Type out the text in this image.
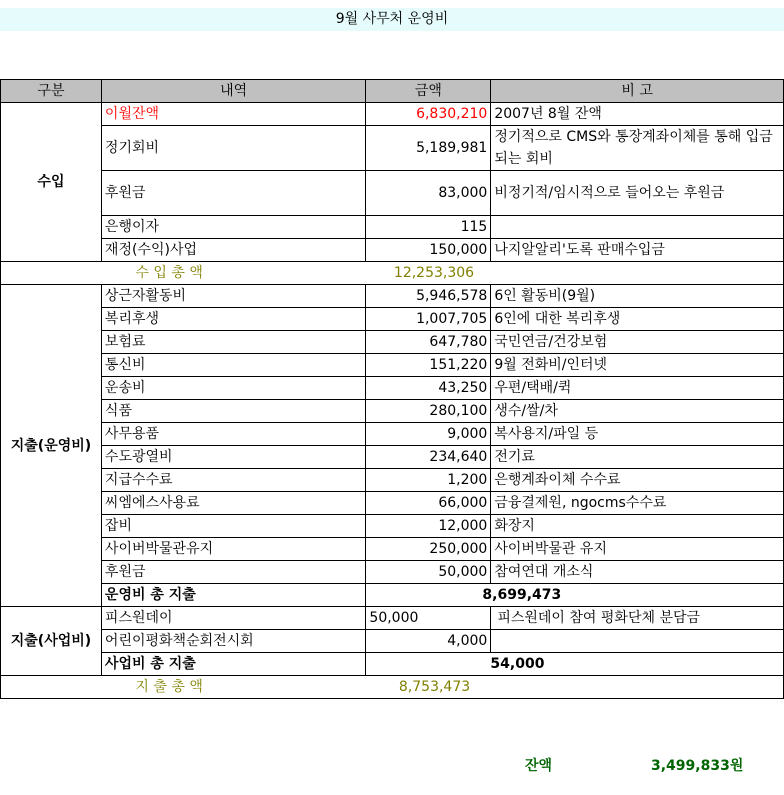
9월 사무처 운영비
구분	내역	금액	비 고
수입	이월잔액	6,830,210	2007년 8월 잔액
	정기회비	5,189,981	정기적으로 CMS와 통장계좌이체를 통해 입금되는 회비
	후원금	83,000	비정기적/임시적으로 들어오는 후원금
	은행이자	115	
	재정(수익)사업	150,000	나지알알리'도록 판매수입금
	수 입 총 액	12,253,306	
지출(운영비)	상근자활동비	5,946,578	6인 활동비(9월)
	복리후생	1,007,705	6인에 대한 복리후생
	보험료	647,780	국민연금/건강보험
	통신비	151,220	9월 전화비/인터넷
	운송비	43,250	우편/택배/퀵
	식품	280,100	생수/쌀/차
	사무용품	9,000	복사용지/파일 등
	수도광열비	234,640	전기료
	지급수수료	1,200	은행계좌이체 수수료
	씨엠에스사용료	66,000	금융결제원, ngocms수수료
	잡비	12,000	화장지
	사이버박물관유지	250,000	사이버박물관 유지
	후원금	50,000	참여연대 개소식
	운영비 총 지출	8,699,473	
지출(사업비)	피스원데이	50,000	피스원데이 참여 평화단체 분담금
	어린이평화책순회전시회	4,000	
	사업비 총 지출	54,000	
	지 출 총 액	8,753,473	
잔액	3,499,833원
